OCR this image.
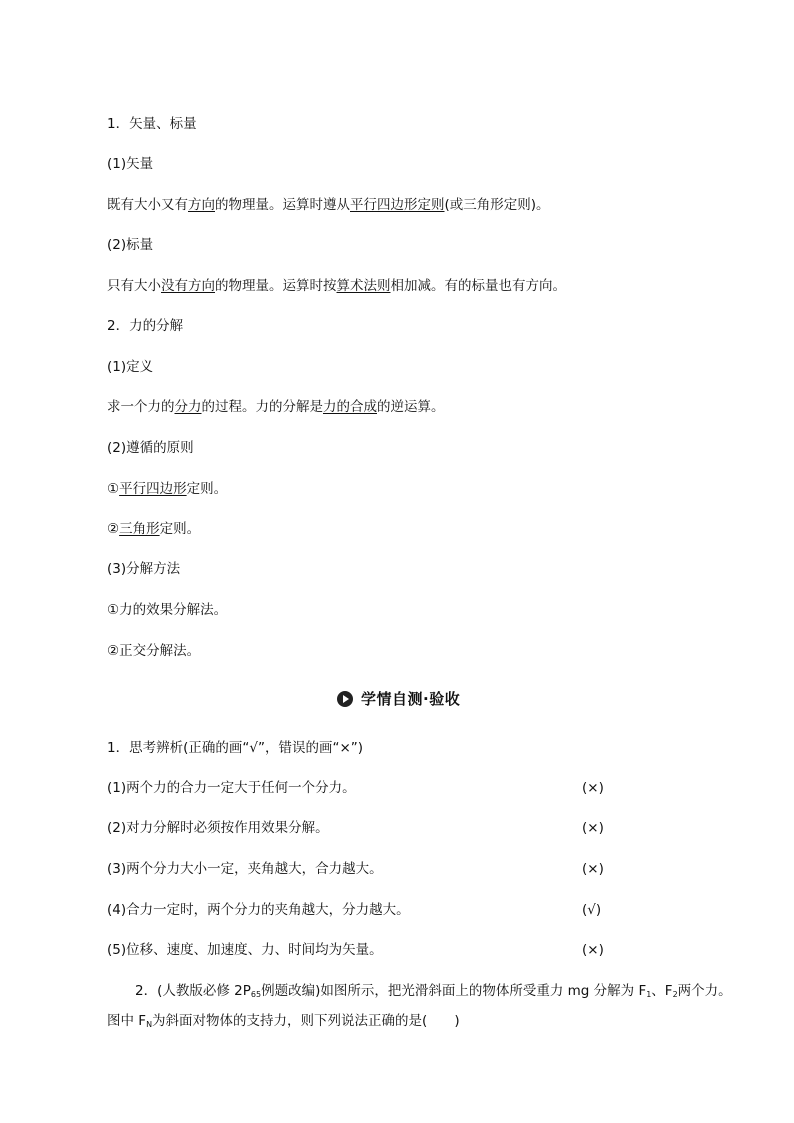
1．矢量、标量
(1)矢量
既有大小又有方向的物理量。运算时遵从平行四边形定则(或三角形定则)。
(2)标量
只有大小没有方向的物理量。运算时按算术法则相加减。有的标量也有方向。
2．力的分解
(1)定义
求一个力的分力的过程。力的分解是力的合成的逆运算。
(2)遵循的原则
①平行四边形定则。
②三角形定则。
(3)分解方法
①力的效果分解法。
②正交分解法。
学情自测·验收
1．思考辨析(正确的画“√”，错误的画“×”)
(1)两个力的合力一定大于任何一个分力。	(×)
(2)对力分解时必须按作用效果分解。	(×)
(3)两个分力大小一定，夹角越大，合力越大。	(×)
(4)合力一定时，两个分力的夹角越大，分力越大。	(√)
(5)位移、速度、加速度、力、时间均为矢量。	(×)
2．(人教版必修 $2P_{65}$例题改编)如图所示，把光滑斜面上的物体所受重力 mg 分解为 $F_1$、$F_2$两个力。
图中 $F_N$为斜面对物体的支持力，则下列说法正确的是(　　)
